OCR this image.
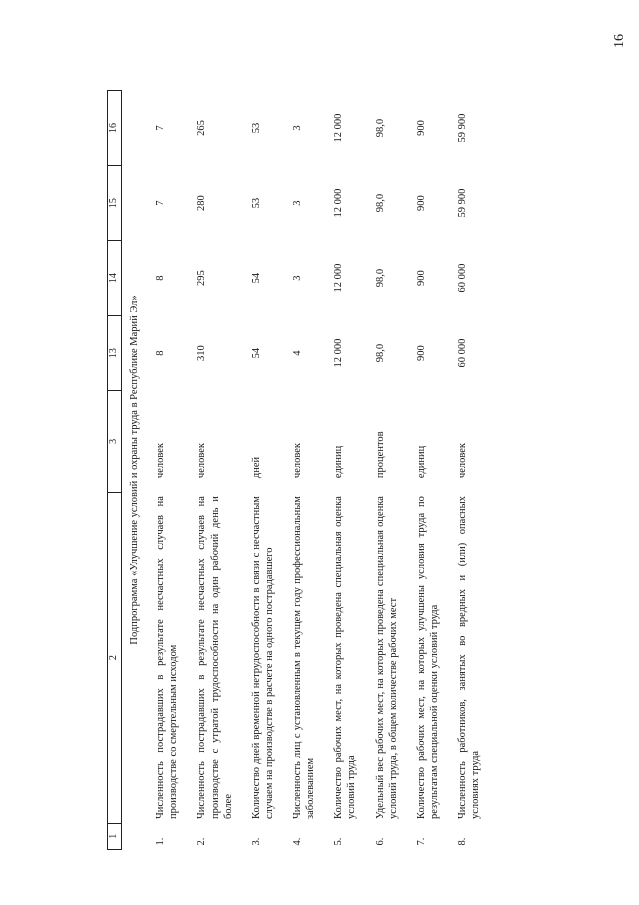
16
1	2	3	13	14	15	16
Подпрограмма «Улучшение условий и охраны труда в Республике Марий Эл»						
1.	Численность пострадавших в результате несчастных случаев на производстве со смертельным исходом	человек	8	8	7	7
2.	Численность пострадавших в результате несчастных случаев на производстве с утратой трудоспособности на один рабочий день и более	человек	310	295	280	265
3.	Количество дней временной нетрудоспособности в связи с несчастным случаем на производстве в расчете на одного пострадавшего	дней	54	54	53	53
4.	Численность лиц с установленным в текущем году профессиональным заболеванием	человек	4	3	3	3
5.	Количество рабочих мест, на которых проведена специальная оценка условий труда	единиц	12 000	12 000	12 000	12 000
6.	Удельный вес рабочих мест, на которых проведена специальная оценка условий труда, в общем количестве рабочих мест	процентов	98,0	98,0	98,0	98,0
7.	Количество рабочих мест, на которых улучшены условия труда по результатам специальной оценки условий труда	единиц	900	900	900	900
8.	Численность работников, занятых во вредных и (или) опасных условиях труда	человек	60 000	60 000	59 900	59 900
